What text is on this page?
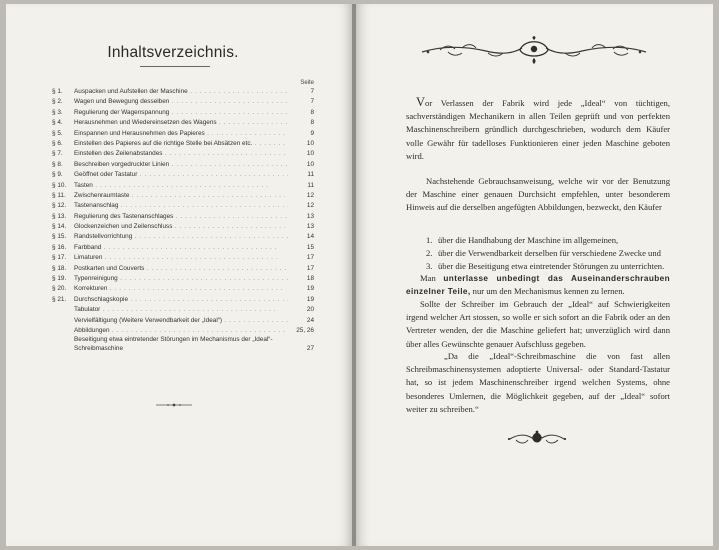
Inhaltsverzeichnis.
Seite
§ 1.	Auspacken und Aufstellen der Maschine . . .	7
§ 2.	Wagen und Bewegung desselben . . .	7
§ 3.	Regulierung der Wagenspannung . . .	8
§ 4.	Herausnehmen und Wiedereinsetzen des Wagens . . .	8
§ 5.	Einspannen und Herausnehmen des Papieres . . .	9
§ 6.	Einstellen des Papieres auf die richtige Stelle bei Absätzen etc. . . .	10
§ 7.	Einstellen des Zeilenabstandes . . .	10
§ 8.	Beschreiben vorgedruckter Linien . . .	10
§ 9.	Geöffnet oder Tastatur . . .	11
§ 10.	Tasten . . .	11
§ 11.	Zwischenraumtaste . . .	12
§ 12.	Tastenanschlag . . .	12
§ 13.	Regulierung des Tastenanschlages . . .	13
§ 14.	Glockenzeichen und Zeilenschluss . . .	13
§ 15.	Randstellvorrichtung . . .	14
§ 16.	Farbband . . .	15
§ 17.	Limaturen . . .	17
§ 18.	Postkarten und Couverts . . .	17
§ 19.	Typenreinigung . . .	18
§ 20.	Korrekturen . . .	19
§ 21.	Durchschlagskopie . . .	19
Tabulator . . .	20
Vervielfältigung (Weitere Verwendbarkeit der „Ideal“) . . .	24
Abbildungen . . .	25, 26
Beseitigung etwa eintretender Störungen im Mechanismus der „Ideal“-Schreibmaschine	27

Vor Verlassen der Fabrik wird jede „Ideal“ von tüchtigen, sachverständigen Mechanikern in allen Teilen geprüft und von perfekten Maschinenschreibern gründlich durchgeschrieben, wodurch dem Käufer volle Gewähr für tadelloses Funktionieren einer jeden Maschine geboten wird.

Nachstehende Gebrauchsanweisung, welche wir vor der Benutzung der Maschine einer genauen Durchsicht empfehlen, unter besonderem Hinweis auf die derselben angefügten Abbildungen, bezweckt, den Käufer

1. über die Handhabung der Maschine im allgemeinen,
2. über die Verwendbarkeit derselben für verschiedene Zwecke und
3. über die Beseitigung etwa eintretender Störungen zu unterrichten.

Man unterlasse unbedingt das Auseinanderschrauben einzelner Teile, nur um den Mechanismus kennen zu lernen.

Sollte der Schreiber im Gebrauch der „Ideal“ auf Schwierigkeiten irgend welcher Art stossen, so wolle er sich sofort an die Fabrik oder an den Vertreter wenden, der die Maschine geliefert hat; unverzüglich wird dann über alles Gewünschte genauer Aufschluss gegeben.

„Da die „Ideal“-Schreibmaschine die von fast allen Schreibmaschinensystemen adoptierte Universal- oder Standard-Tastatur hat, so ist jedem Maschinenschreiber irgend welchen Systems, ohne besonderes Umlernen, die Möglichkeit gegeben, auf der „Ideal“ sofort weiter zu schreiben.“
